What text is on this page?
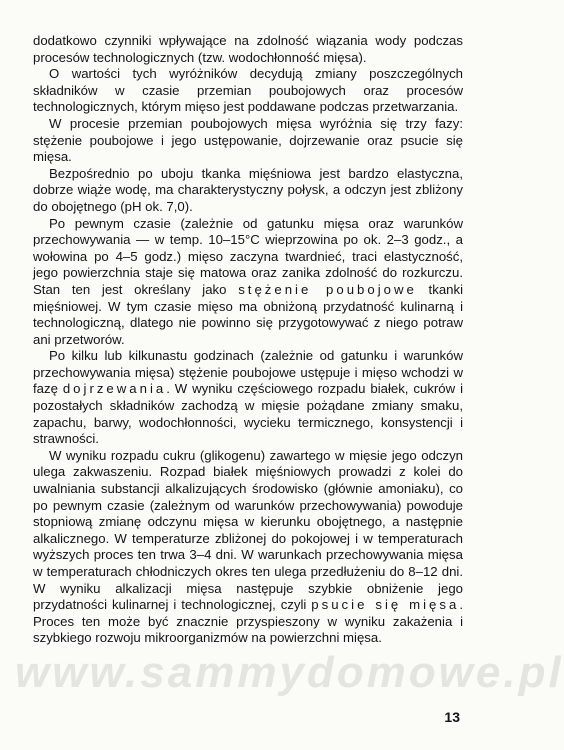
dodatkowo czynniki wpływające na zdolność wiązania wody podczas procesów technologicznych (tzw. wodochłonność mięsa).

O wartości tych wyróżników decydują zmiany poszczególnych składników w czasie przemian poubojowych oraz procesów technologicznych, którym mięso jest poddawane podczas przetwarzania.

W procesie przemian poubojowych mięsa wyróżnia się trzy fazy: stężenie poubojowe i jego ustępowanie, dojrzewanie oraz psucie się mięsa.

Bezpośrednio po uboju tkanka mięśniowa jest bardzo elastyczna, dobrze wiąże wodę, ma charakterystyczny połysk, a odczyn jest zbliżony do obojętnego (pH ok. 7,0).

Po pewnym czasie (zależnie od gatunku mięsa oraz warunków przechowywania — w temp. 10–15°C wieprzowina po ok. 2–3 godz., a wołowina po 4–5 godz.) mięso zaczyna twardnieć, traci elastyczność, jego powierzchnia staje się matowa oraz zanika zdolność do rozkurczu. Stan ten jest określany jako stężenie poubojowe tkanki mięśniowej. W tym czasie mięso ma obniżoną przydatność kulinarną i technologiczną, dlatego nie powinno się przygotowywać z niego potraw ani przetworów.

Po kilku lub kilkunastu godzinach (zależnie od gatunku i warunków przechowywania mięsa) stężenie poubojowe ustępuje i mięso wchodzi w fazę dojrzewania. W wyniku częściowego rozpadu białek, cukrów i pozostałych składników zachodzą w mięsie pożądane zmiany smaku, zapachu, barwy, wodochłonności, wycieku termicznego, konsystencji i strawności.

W wyniku rozpadu cukru (glikogenu) zawartego w mięsie jego odczyn ulega zakwaszeniu. Rozpad białek mięśniowych prowadzi z kolei do uwalniania substancji alkalizujących środowisko (głównie amoniaku), co po pewnym czasie (zależnym od warunków przechowywania) powoduje stopniową zmianę odczynu mięsa w kierunku obojętnego, a następnie alkalicznego. W temperaturze zbliżonej do pokojowej i w temperaturach wyższych proces ten trwa 3–4 dni. W warunkach przechowywania mięsa w temperaturach chłodniczych okres ten ulega przedłużeniu do 8–12 dni. W wyniku alkalizacji mięsa następuje szybkie obniżenie jego przydatności kulinarnej i technologicznej, czyli psucie się mięsa. Proces ten może być znacznie przyspieszony w wyniku zakażenia i szybkiego rozwoju mikroorganizmów na powierzchni mięsa.

13
www.sammydomowe.pl
